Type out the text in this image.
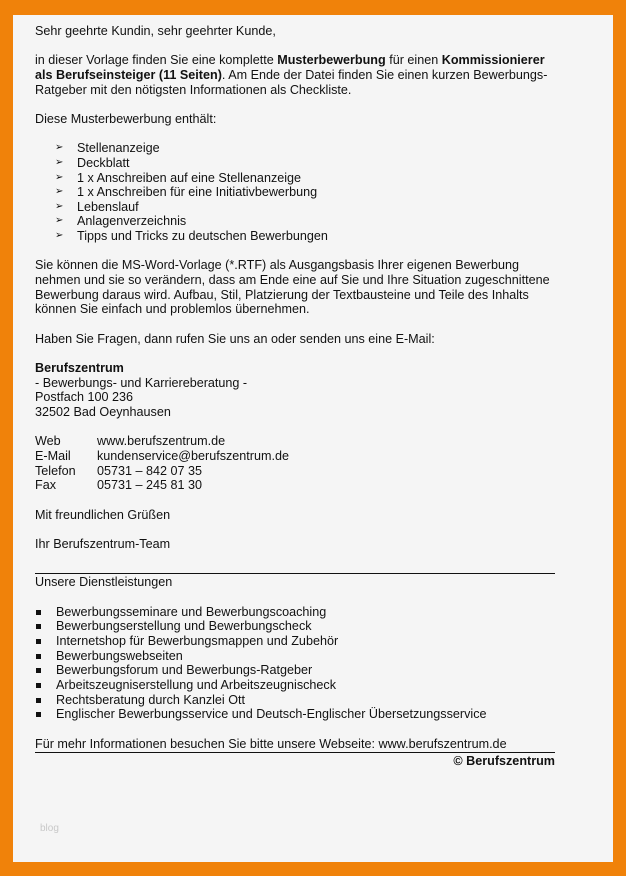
Sehr geehrte Kundin, sehr geehrter Kunde,

in dieser Vorlage finden Sie eine komplette Musterbewerbung für einen Kommissionierer als Berufseinsteiger (11 Seiten). Am Ende der Datei finden Sie einen kurzen Bewerbungs-Ratgeber mit den nötigsten Informationen als Checkliste.

Diese Musterbewerbung enthält:

➢ Stellenanzeige
➢ Deckblatt
➢ 1 x Anschreiben auf eine Stellenanzeige
➢ 1 x Anschreiben für eine Initiativbewerbung
➢ Lebenslauf
➢ Anlagenverzeichnis
➢ Tipps und Tricks zu deutschen Bewerbungen

Sie können die MS-Word-Vorlage (*.RTF) als Ausgangsbasis Ihrer eigenen Bewerbung nehmen und sie so verändern, dass am Ende eine auf Sie und Ihre Situation zugeschnittene Bewerbung daraus wird. Aufbau, Stil, Platzierung der Textbausteine und Teile des Inhalts können Sie einfach und problemlos übernehmen.

Haben Sie Fragen, dann rufen Sie uns an oder senden uns eine E-Mail:

Berufszentrum
- Bewerbungs- und Karriereberatung -
Postfach 100 236
32502 Bad Oeynhausen

Web	www.berufszentrum.de
E-Mail	kundenservice@berufszentrum.de
Telefon	05731 – 842 07 35
Fax	05731 – 245 81 30

Mit freundlichen Grüßen

Ihr Berufszentrum-Team

Unsere Dienstleistungen

Bewerbungsseminare und Bewerbungscoaching
Bewerbungserstellung und Bewerbungscheck
Internetshop für Bewerbungsmappen und Zubehör
Bewerbungswebseiten
Bewerbungsforum und Bewerbungs-Ratgeber
Arbeitszeugniserstellung und Arbeitszeugnischeck
Rechtsberatung durch Kanzlei Ott
Englischer Bewerbungsservice und Deutsch-Englischer Übersetzungsservice

Für mehr Informationen besuchen Sie bitte unsere Webseite: www.berufszentrum.de

© Berufszentrum
blog
